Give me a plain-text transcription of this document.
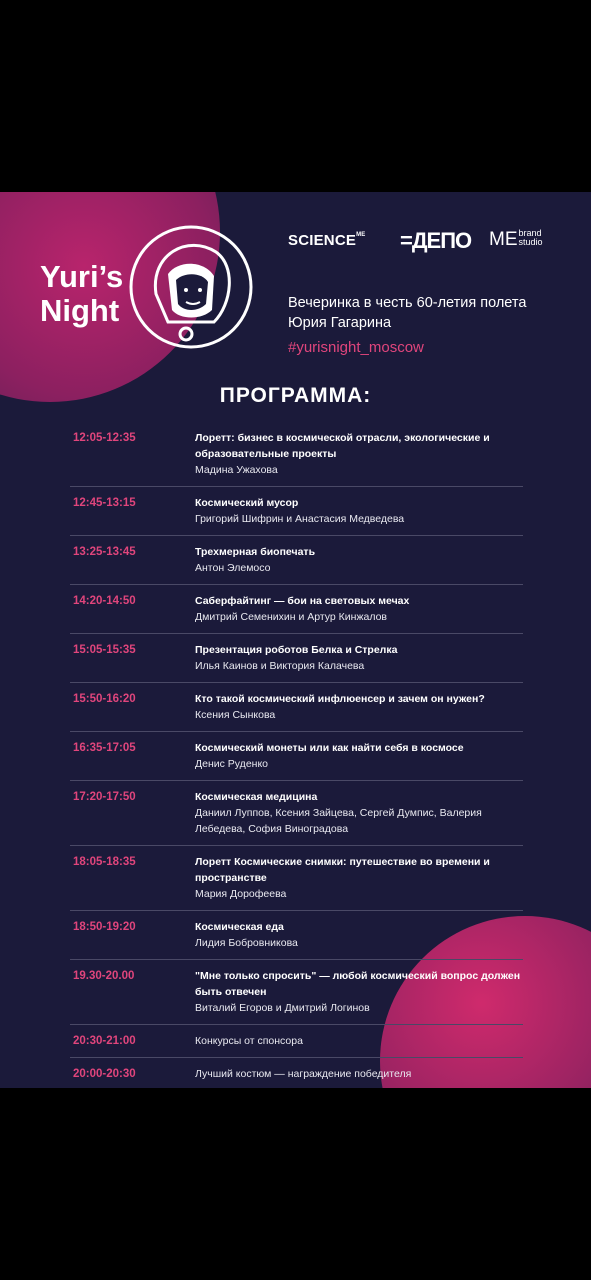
Yuri’s
Night
$SCIENCE^{ME}$ =ДЕПО ME brand
studio
Вечеринка в честь 60-летия полета Юрия Гагарина
#yurisnight_moscow
ПРОГРАММА:
12:05-12:35	Лоретт: бизнес в космической отрасли, экологические и образовательные проекты
Мадина Ужахова
12:45-13:15	Космический мусор
Григорий Шифрин и Анастасия Медведева
13:25-13:45	Трехмерная биопечать
Антон Элемосо
14:20-14:50	Саберфайтинг — бои на световых мечах
Дмитрий Семенихин и Артур Кинжалов
15:05-15:35	Презентация роботов Белка и Стрелка
Илья Каинов и Виктория Калачева
15:50-16:20	Кто такой космический инфлюенсер и зачем он нужен?
Ксения Сынкова
16:35-17:05	Космический монеты или как найти себя в космосе
Денис Руденко
17:20-17:50	Космическая медицина
Даниил Луппов, Ксения Зайцева, Сергей Думпис, Валерия Лебедева, София Виноградова
18:05-18:35	Лоретт Космические снимки: путешествие во времени и пространстве
Мария Дорофеева
18:50-19:20	Космическая еда
Лидия Бобровникова
19.30-20.00	"Мне только спросить" — любой космический вопрос должен быть отвечен
Виталий Егоров и Дмитрий Логинов
20:30-21:00	Конкурсы от спонсора
20:00-20:30	Лучший костюм — награждение победителя
